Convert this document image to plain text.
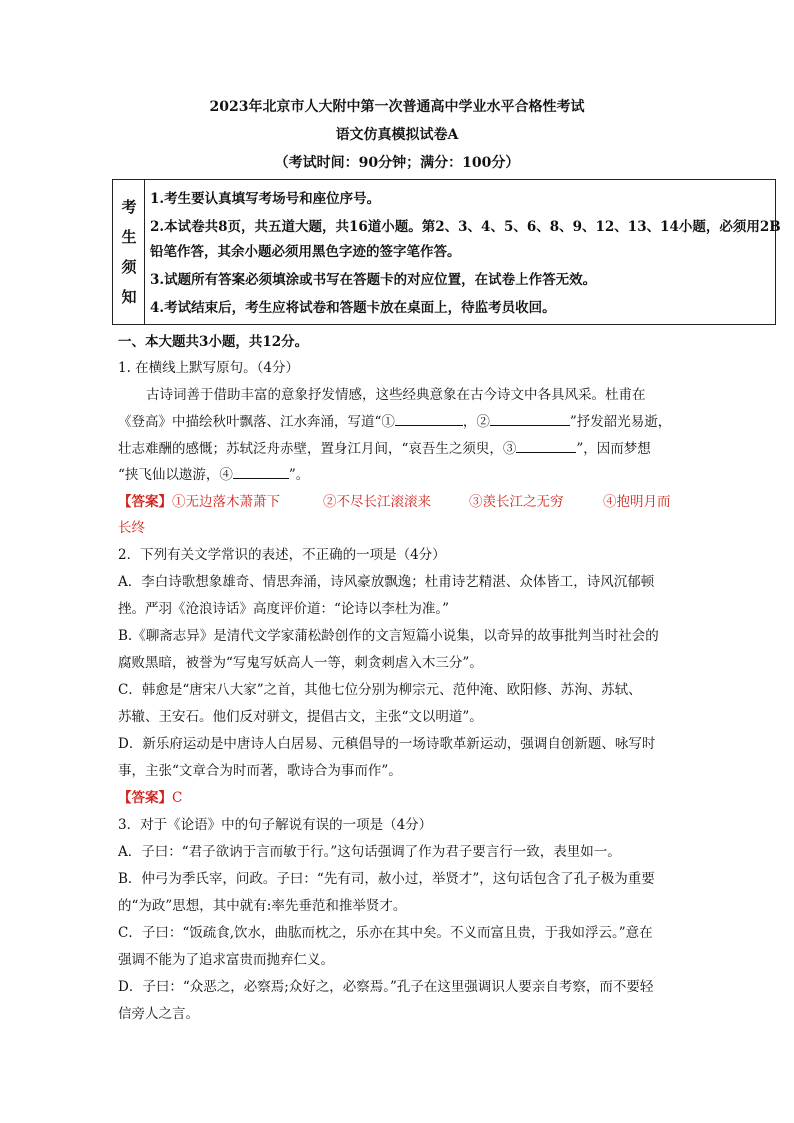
2023年北京市人大附中第一次普通高中学业水平合格性考试
语文仿真模拟试卷A
（考试时间：90分钟；满分：100分）
考
生
须
知
1.考生要认真填写考场号和座位序号。
2.本试卷共8页，共五道大题，共16道小题。第2、3、4、5、6、8、9、12、13、14小题，必须用2B
铅笔作答，其余小题必须用黑色字迹的签字笔作答。
3.试题所有答案必须填涂或书写在答题卡的对应位置，在试卷上作答无效。
4.考试结束后，考生应将试卷和答题卡放在桌面上，待监考员收回。
一、本大题共3小题，共12分。
1. 在横线上默写原句。（4分）
古诗词善于借助丰富的意象抒发情感，这些经典意象在古今诗文中各具风采。杜甫在
《登高》中描绘秋叶飘落、江水奔涌，写道“①	，②	”抒发韶光易逝，
壮志难酬的感慨；苏轼泛舟赤壁，置身江月间，“哀吾生之须臾，③	”，因而梦想
“挟飞仙以遨游，④	”。
【答案】①无边落木萧萧下	②不尽长江滚滚来	③羡长江之无穷	④抱明月而
长终
2．下列有关文学常识的表述，不正确的一项是（4分）
A．李白诗歌想象雄奇、情思奔涌，诗风豪放飘逸；杜甫诗艺精湛、众体皆工，诗风沉郁顿
挫。严羽《沧浪诗话》高度评价道：“论诗以李杜为准。”
B.《聊斋志异》是清代文学家蒲松龄创作的文言短篇小说集，以奇异的故事批判当时社会的
腐败黑暗，被誉为“写鬼写妖高人一等，刺贪刺虐入木三分”。
C．韩愈是“唐宋八大家”之首，其他七位分别为柳宗元、范仲淹、欧阳修、苏洵、苏轼、
苏辙、王安石。他们反对骈文，提倡古文，主张“文以明道”。
D．新乐府运动是中唐诗人白居易、元稹倡导的一场诗歌革新运动，强调自创新题、咏写时
事，主张“文章合为时而著，歌诗合为事而作”。
【答案】C
3．对于《论语》中的句子解说有误的一项是（4分）
A．子曰：“君子欲讷于言而敏于行。”这句话强调了作为君子要言行一致，表里如一。
B．仲弓为季氏宰，问政。子曰：“先有司，赦小过，举贤才”，这句话包含了孔子极为重要
的“为政”思想，其中就有:率先垂范和推举贤才。
C．子曰：“饭疏食,饮水，曲肱而枕之，乐亦在其中矣。不义而富且贵，于我如浮云。”意在
强调不能为了追求富贵而抛弃仁义。
D．子曰：“众恶之，必察焉;众好之，必察焉。”孔子在这里强调识人要亲自考察，而不要轻
信旁人之言。
